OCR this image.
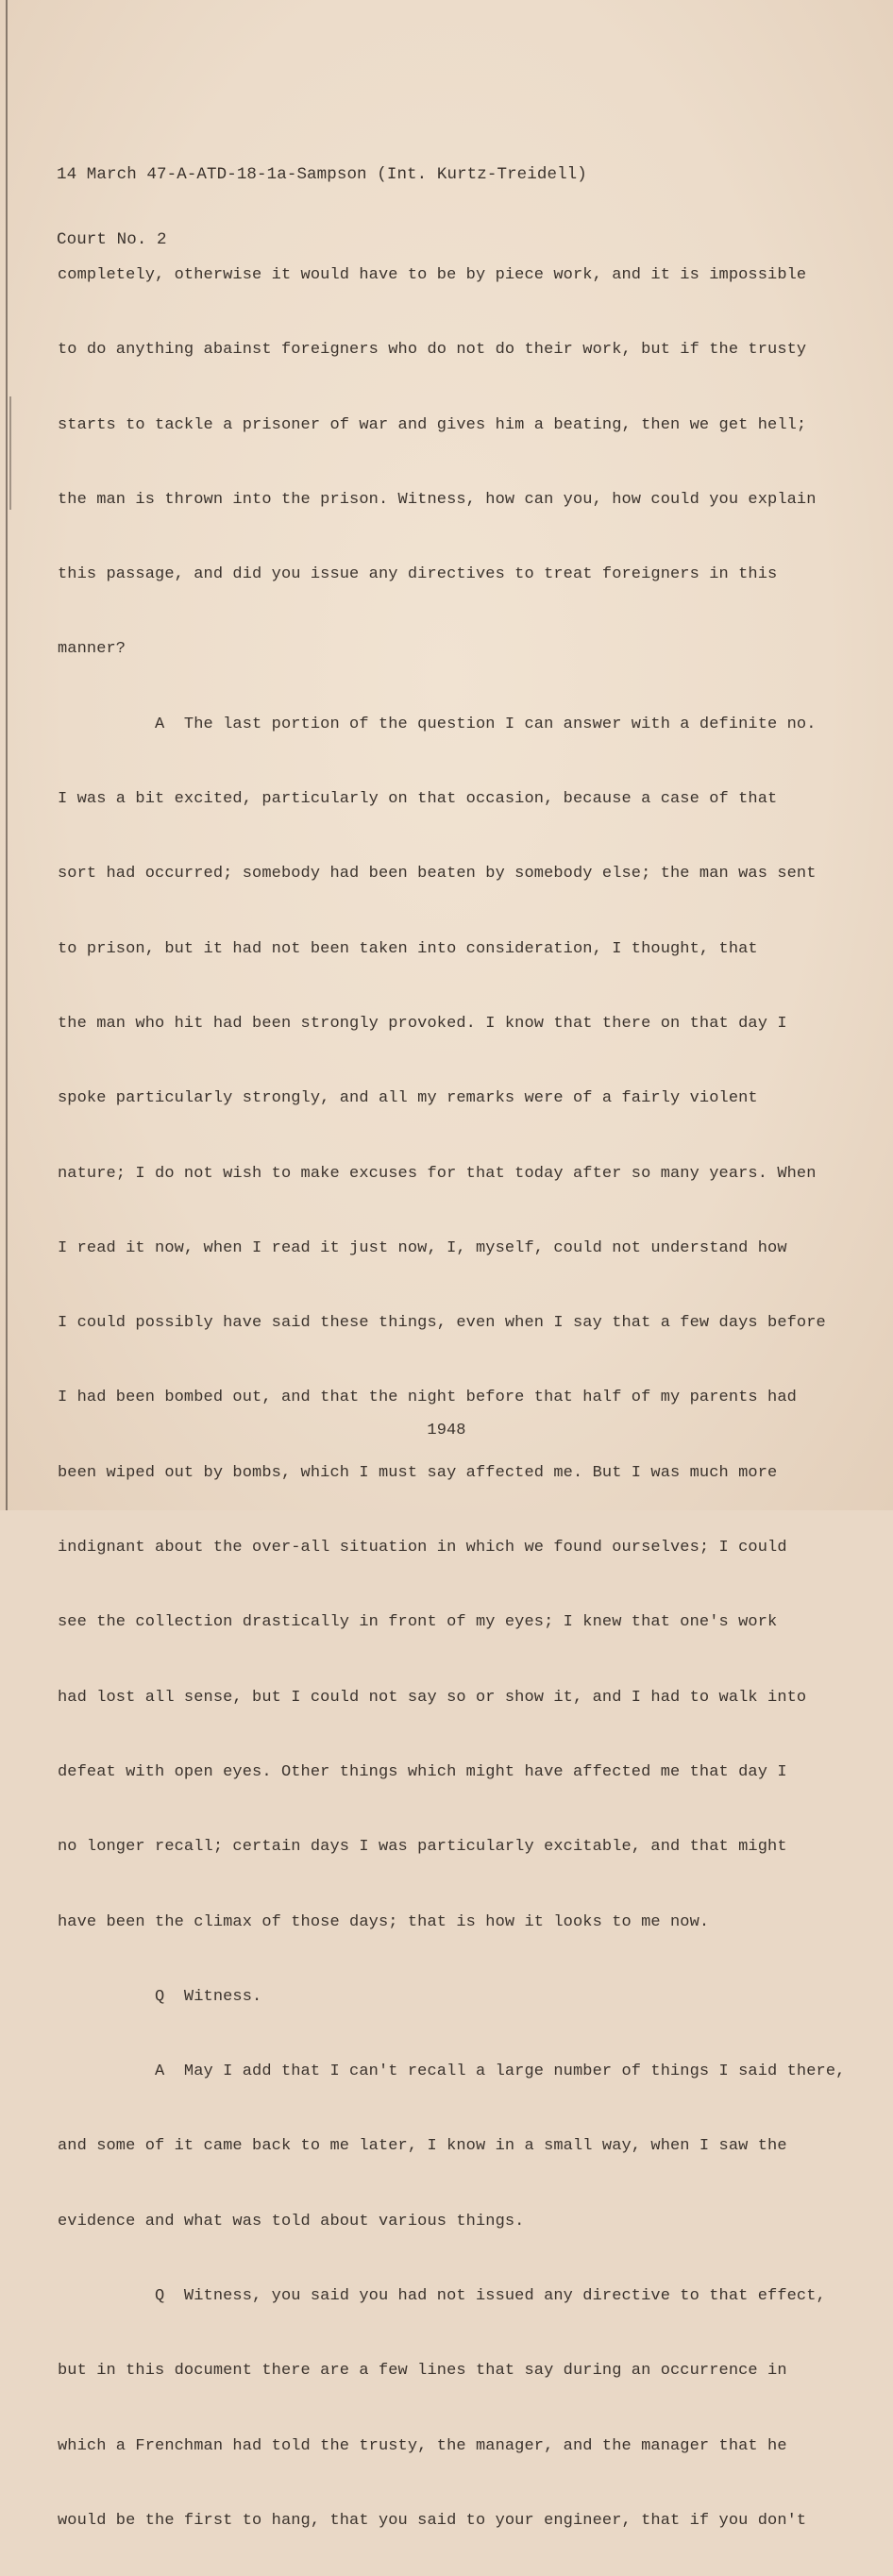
14 March 47-A-ATD-18-1a-Sampson (Int. Kurtz-Treidell)

Court No. 2

completely, otherwise it would have to be by piece work, and it is impossible

to do anything abainst foreigners who do not do their work, but if the trusty

starts to tackle a prisoner of war and gives him a beating, then we get hell;

the man is thrown into the prison. Witness, how can you, how could you explain

this passage, and did you issue any directives to treat foreigners in this

manner?

A  The last portion of the question I can answer with a definite no.

I was a bit excited, particularly on that occasion, because a case of that

sort had occurred; somebody had been beaten by somebody else; the man was sent

to prison, but it had not been taken into consideration, I thought, that

the man who hit had been strongly provoked. I know that there on that day I

spoke particularly strongly, and all my remarks were of a fairly violent

nature; I do not wish to make excuses for that today after so many years. When

I read it now, when I read it just now, I, myself, could not understand how

I could possibly have said these things, even when I say that a few days before

I had been bombed out, and that the night before that half of my parents had

been wiped out by bombs, which I must say affected me. But I was much more

indignant about the over-all situation in which we found ourselves; I could

see the collection drastically in front of my eyes; I knew that one's work

had lost all sense, but I could not say so or show it, and I had to walk into

defeat with open eyes. Other things which might have affected me that day I

no longer recall; certain days I was particularly excitable, and that might

have been the climax of those days; that is how it looks to me now.

Q  Witness.

A  May I add that I can't recall a large number of things I said there,

and some of it came back to me later, I know in a small way, when I saw the

evidence and what was told about various things.

Q  Witness, you said you had not issued any directive to that effect,

but in this document there are a few lines that say during an occurrence in

which a Frenchman had told the trusty, the manager, and the manager that he

would be the first to hang, that you said to your engineer, that if you don't

1948
